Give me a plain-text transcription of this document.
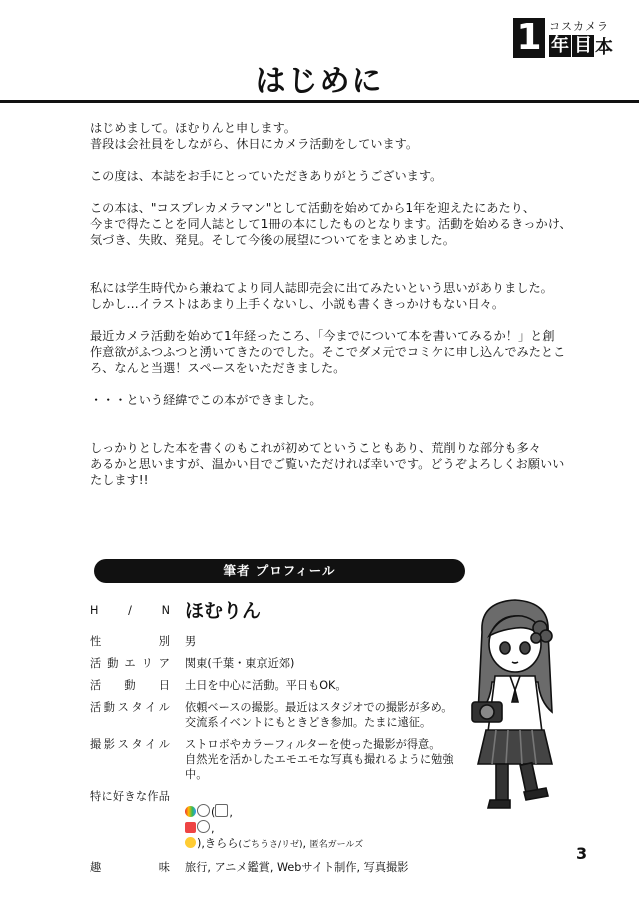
1 コスカメラ
年 目 本
はじめに

はじめまして。ほむりんと申します。
普段は会社員をしながら、休日にカメラ活動をしています。

この度は、本誌をお手にとっていただきありがとうございます。

この本は、"コスプレカメラマン"として活動を始めてから1年を迎えたにあたり、
今まで得たことを同人誌として1冊の本にしたものとなります。活動を始めるきっかけ、
気づき、失敗、発見。そして今後の展望についてをまとめました。

私には学生時代から兼ねてより同人誌即売会に出てみたいという思いがありました。
しかし…イラストはあまり上手くないし、小説も書くきっかけもない日々。

最近カメラ活動を始めて1年経ったころ、「今までについて本を書いてみるか！」と創
作意欲がふつふつと湧いてきたのでした。そこでダメ元でコミケに申し込んでみたとこ
ろ、なんと当選！スペースをいただきました。

・・・という経緯でこの本ができました。

しっかりとした本を書くのもこれが初めてということもあり、荒削りな部分も多々
あるかと思いますが、温かい目でご覧いただければ幸いです。どうぞよろしくお願いい
たします!!

筆者 プロフィール
H / N ほむりん
性別 男
活動エリア 関東(千葉・東京近郊)
活動日 土日を中心に活動。平日もOK。
活動スタイル 依頼ベースの撮影。最近はスタジオでの撮影が多め。
交流系イベントにもときどき参加。たまに遠征。
撮影スタイル ストロボやカラーフィルターを使った撮影が得意。
自然光を活かしたエモエモな写真も撮れるように勉強中。
特に好きな作品

( ,
,
),きらら(ごちうさ/リゼ), 匿名ガールズ

趣味 旅行, アニメ鑑賞, Webサイト制作, 写真撮影
3
